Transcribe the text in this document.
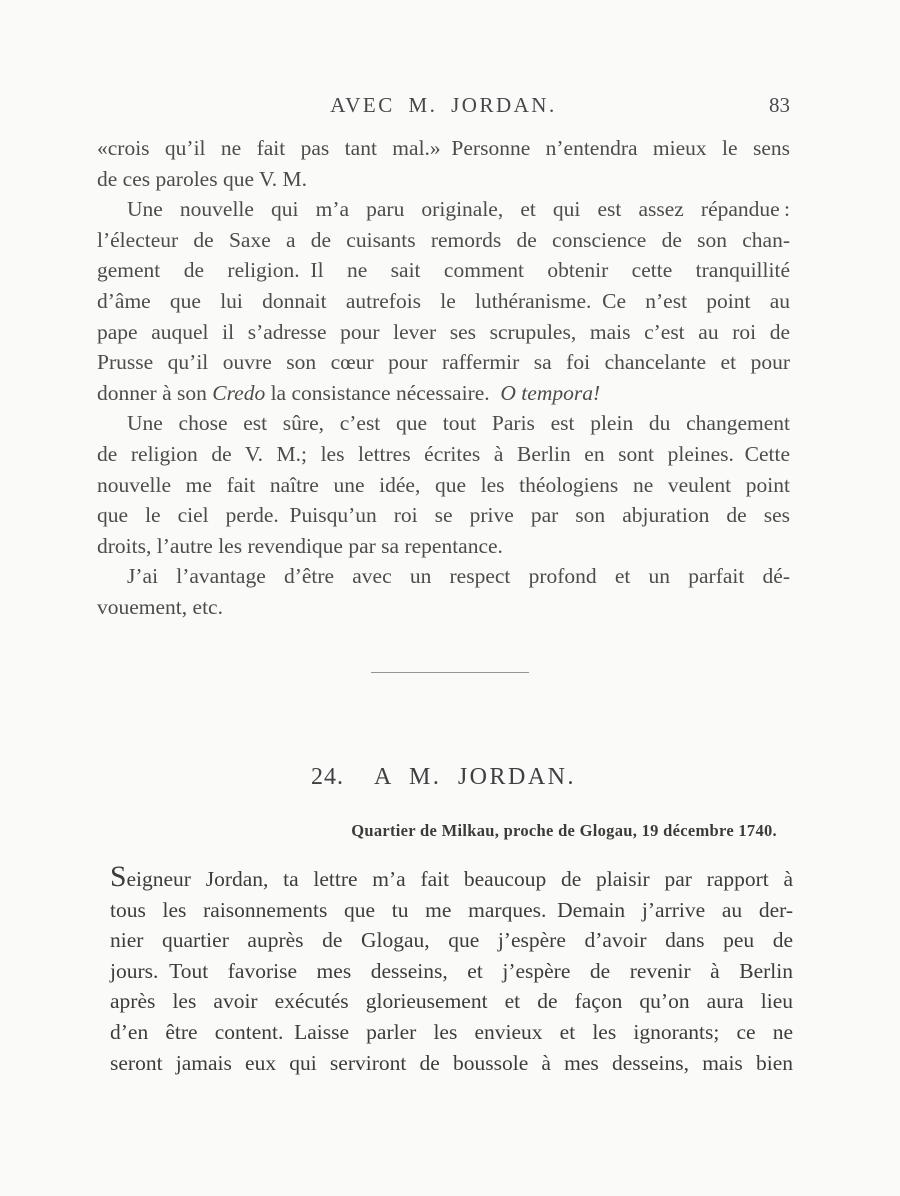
AVEC M. JORDAN.	83
«crois qu’il ne fait pas tant mal.» Personne n’entendra mieux le sens
de ces paroles que V. M.
Une nouvelle qui m’a paru originale, et qui est assez répandue :
l’électeur de Saxe a de cuisants remords de conscience de son chan-
gement de religion. Il ne sait comment obtenir cette tranquillité
d’âme que lui donnait autrefois le luthéranisme. Ce n’est point au
pape auquel il s’adresse pour lever ses scrupules, mais c’est au roi de
Prusse qu’il ouvre son cœur pour raffermir sa foi chancelante et pour
donner à son Credo la consistance nécessaire. O tempora!
Une chose est sûre, c’est que tout Paris est plein du changement
de religion de V. M.; les lettres écrites à Berlin en sont pleines. Cette
nouvelle me fait naître une idée, que les théologiens ne veulent point
que le ciel perde. Puisqu’un roi se prive par son abjuration de ses
droits, l’autre les revendique par sa repentance.
J’ai l’avantage d’être avec un respect profond et un parfait dé-
vouement, etc.
24. A M. JORDAN.
Quartier de Milkau, proche de Glogau, 19 décembre 1740.
Seigneur Jordan, ta lettre m’a fait beaucoup de plaisir par rapport à
tous les raisonnements que tu me marques. Demain j’arrive au der-
nier quartier auprès de Glogau, que j’espère d’avoir dans peu de
jours. Tout favorise mes desseins, et j’espère de revenir à Berlin
après les avoir exécutés glorieusement et de façon qu’on aura lieu
d’en être content. Laisse parler les envieux et les ignorants; ce ne
seront jamais eux qui serviront de boussole à mes desseins, mais bien
